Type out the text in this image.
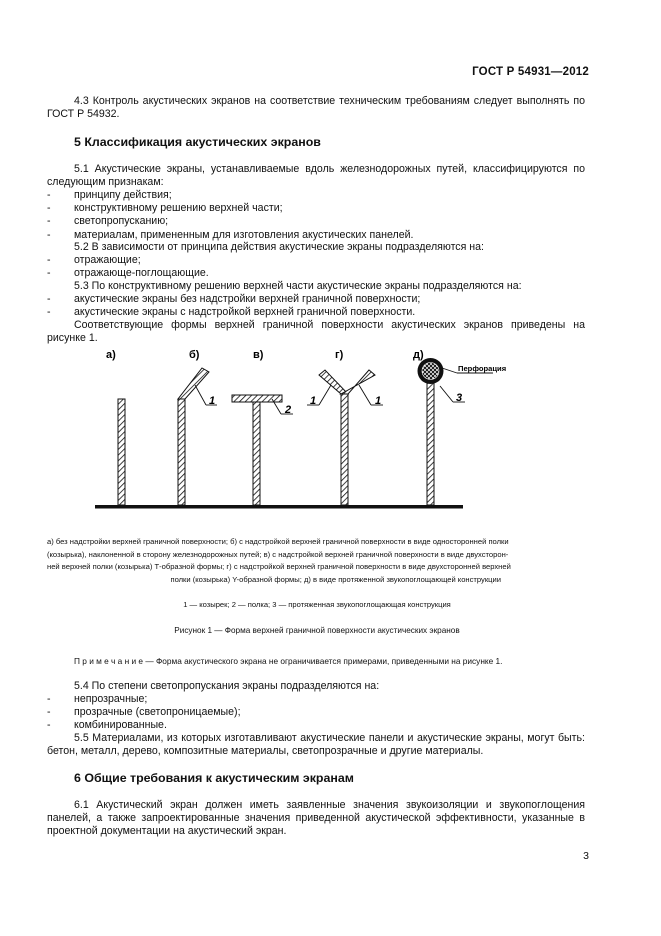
ГОСТ Р 54931—2012

4.3 Контроль акустических экранов на соответствие техническим требованиям следует выполнять по ГОСТ Р 54932.

5 Классификация акустических экранов

5.1 Акустические экраны, устанавливаемые вдоль железнодорожных путей, классифицируются по следующим признакам:

- принципу действия;
- конструктивному решению верхней части;
- светопропусканию;
- материалам, примененным для изготовления акустических панелей.

5.2 В зависимости от принципа действия акустические экраны подразделяются на:

- отражающие;
- отражающе-поглощающие.

5.3 По конструктивному решению верхней части акустические экраны подразделяются на:

- акустические экраны без надстройки верхней граничной поверхности;
- акустические экраны с надстройкой верхней граничной поверхности.

Соответствующие формы верхней граничной поверхности акустических экранов приведены на рисунке 1.

а)	б)	в)	г)	д)
1
2
1	1
Перфорация
3
а) без надстройки верхней граничной поверхности; б) с надстройкой верхней граничной поверхности в виде односторонней полки
(козырька), наклоненной в сторону железнодорожных путей; в) с надстройкой верхней граничной поверхности в виде двухсторон-
ней верхней полки (козырька) Т-образной формы; г) с надстройкой верхней граничной поверхности в виде двухсторонней верхней
полки (козырька) Y-образной формы; д) в виде протяженной звукопоглощающей конструкции
1 — козырек; 2 — полка; 3 — протяженная звукопоглощающая конструкция
Рисунок 1 — Форма верхней граничной поверхности акустических экранов
П р и м е ч а н и е — Форма акустического экрана не ограничивается примерами, приведенными на рисунке 1.

5.4 По степени светопропускания экраны подразделяются на:

- непрозрачные;
- прозрачные (светопроницаемые);
- комбинированные.

5.5 Материалами, из которых изготавливают акустические панели и акустические экраны, могут быть: бетон, металл, дерево, композитные материалы, светопрозрачные и другие материалы.

6 Общие требования к акустическим экранам

6.1 Акустический экран должен иметь заявленные значения звукоизоляции и звукопоглощения панелей, а также запроектированные значения приведенной акустической эффективности, указанные в проектной документации на акустический экран.

3
